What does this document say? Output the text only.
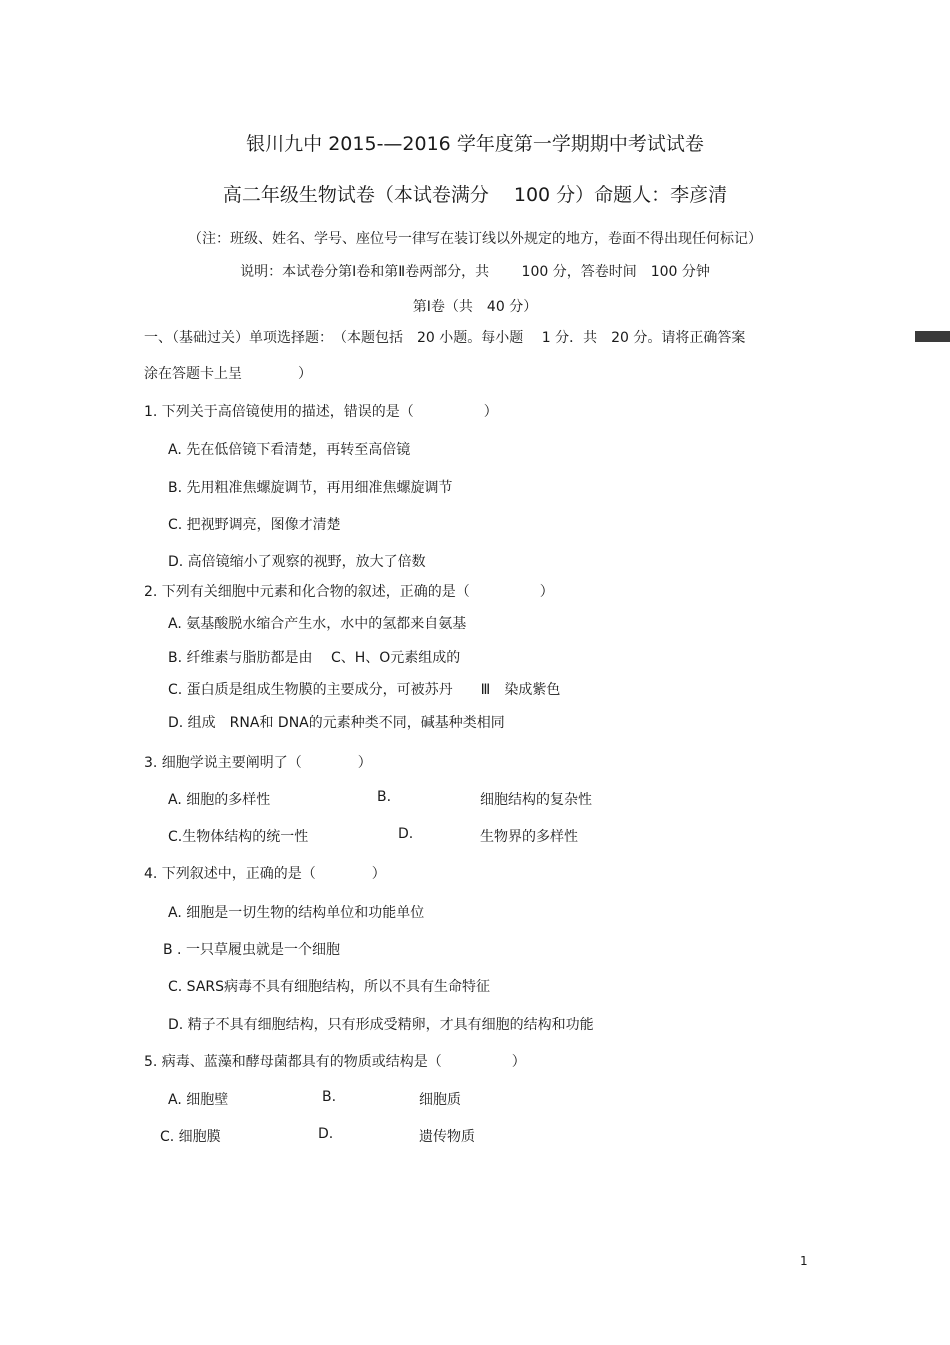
银川九中 2015-—2016 学年度第一学期期中考试试卷
高二年级生物试卷（本试卷满分　 100 分）命题人：李彦清
（注：班级、姓名、学号、座位号一律写在装订线以外规定的地方，卷面不得出现任何标记）
说明：本试卷分第Ⅰ卷和第Ⅱ卷两部分，共　　 100 分，答卷时间　100 分钟
第Ⅰ卷（共　40 分）
一、（基础过关）单项选择题：　（本题包括　20 小题。每小题　 1 分．共　20 分。请将正确答案
涂在答题卡上呈　　　　）
1. 下列关于高倍镜使用的描述，错误的是（　　　　　）
A. 先在低倍镜下看清楚，再转至高倍镜
B. 先用粗准焦螺旋调节，再用细准焦螺旋调节
C. 把视野调亮，图像才清楚
D. 高倍镜缩小了观察的视野，放大了倍数
2. 下列有关细胞中元素和化合物的叙述，正确的是（　　　　　）
A. 氨基酸脱水缩合产生水，水中的氢都来自氨基
B. 纤维素与脂肪都是由　 C、H、O元素组成的
C. 蛋白质是组成生物膜的主要成分，可被苏丹　　Ⅲ　染成紫色
D. 组成　RNA和 DNA的元素种类不同，碱基种类相同
3. 细胞学说主要阐明了（　　　　）
A. 细胞的多样性	B.	细胞结构的复杂性
C.生物体结构的统一性	D.	生物界的多样性
4. 下列叙述中，正确的是（　　　　）
A. 细胞是一切生物的结构单位和功能单位
B . 一只草履虫就是一个细胞
C. SARS病毒不具有细胞结构，所以不具有生命特征
D. 精子不具有细胞结构，只有形成受精卵，才具有细胞的结构和功能
5. 病毒、蓝藻和酵母菌都具有的物质或结构是（　　　　　）
A. 细胞壁	B.	细胞质
C. 细胞膜	D.	遗传物质
1
